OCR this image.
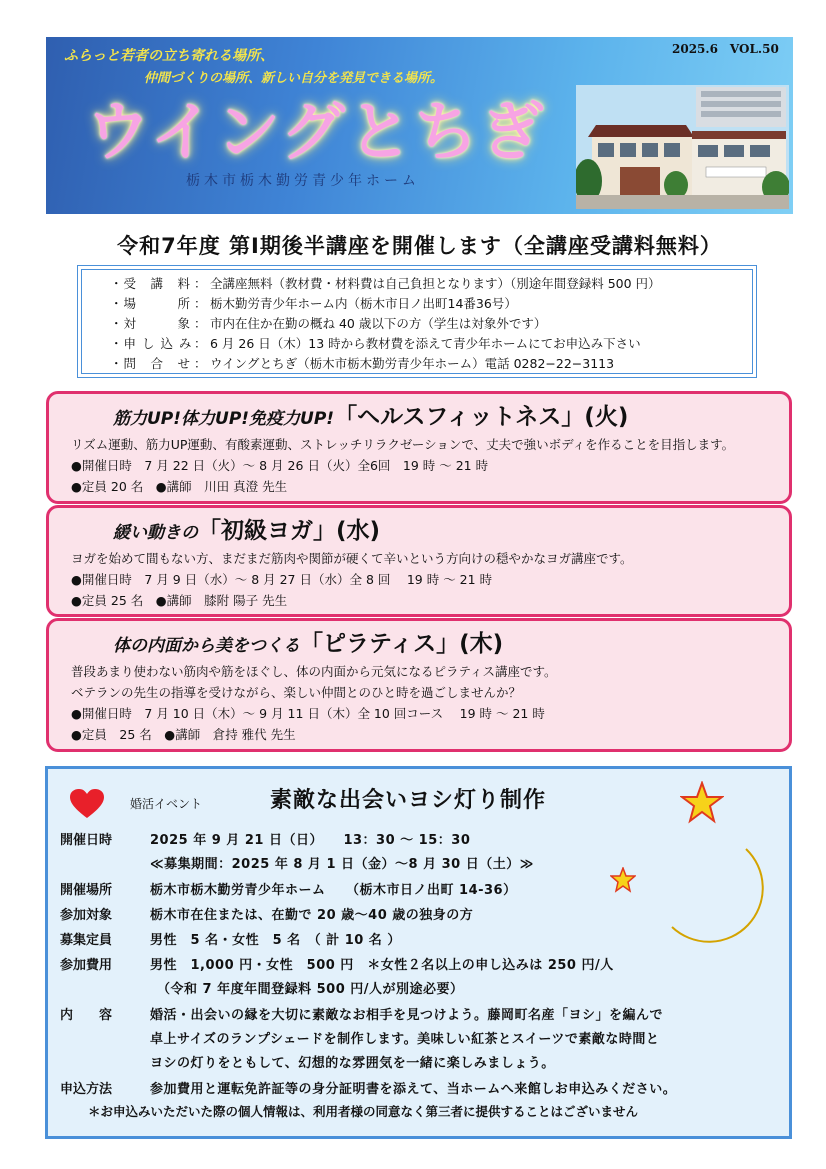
ふらっと若者の立ち寄れる場所、
仲間づくりの場所、新しい自分を発見できる場所。
ウイングとちぎ
栃木市栃木勤労青少年ホーム
2025.6　VOL.50
令和7年度 第Ⅰ期後半講座を開催します（全講座受講料無料）
・受　講　料 ： 全講座無料（教材費・材料費は自己負担となります）（別途年間登録料 500 円）
・場　　　所 ： 栃木勤労青少年ホーム内（栃木市日ノ出町14番36号）
・対　　　象 ： 市内在住か在勤の概ね 40 歳以下の方（学生は対象外です）
・申 し 込 み ： 6 月 26 日（木）13 時から教材費を添えて青少年ホームにてお申込み下さい
・問　合　せ ： ウイングとちぎ（栃木市栃木勤労青少年ホーム）電話 0282−22−3113
筋力UP!体力UP!免疫力UP!「ヘルスフィットネス」(火)
リズム運動、筋力UP運動、有酸素運動、ストレッチリラクゼーションで、丈夫で強いボディを作ることを目指します。
●開催日時　7 月 22 日（火）～ 8 月 26 日（火）全6回　19 時 ～ 21 時
●定員 20 名　●講師　川田 真澄 先生
緩い動きの「初級ヨガ」(水)
ヨガを始めて間もない方、まだまだ筋肉や関節が硬くて辛いという方向けの穏やかなヨガ講座です。
●開催日時　7 月 9 日（水）～ 8 月 27 日（水）全 8 回　 19 時 ～ 21 時
●定員 25 名　●講師　膝附 陽子 先生
体の内面から美をつくる「ピラティス」(木)
普段あまり使わない筋肉や筋をほぐし、体の内面から元気になるピラティス講座です。
ベテランの先生の指導を受けながら、楽しい仲間とのひと時を過ごしませんか？
●開催日時　7 月 10 日（木）～ 9 月 11 日（木）全 10 回コース　 19 時 ～ 21 時
●定員　25 名　●講師　倉持 雅代 先生
婚活イベント	素敵な出会いヨシ灯り制作
開催日時	2025 年 9 月 21 日（日）　　13：30 ～ 15：30
≪募集期間：2025 年 8 月 1 日（金）～8 月 30 日（土）≫
開催場所	栃木市栃木勤労青少年ホーム　　（栃木市日ノ出町 14-36）
参加対象	栃木市在住または、在勤で 20 歳～40 歳の独身の方
募集定員	男性　5 名・女性　5 名　（ 計 10 名 ）
参加費用	男性　1,000 円・女性　500 円　＊女性２名以上の申し込みは 250 円/人
　（令和 7 年度年間登録料 500 円/人が別途必要）
内　　容	婚活・出会いの縁を大切に素敵なお相手を見つけよう。藤岡町名産「ヨシ」を編んで
卓上サイズのランプシェードを制作します。美味しい紅茶とスイーツで素敵な時間と
ヨシの灯りをともして、幻想的な雰囲気を一緒に楽しみましょう。
申込方法	参加費用と運転免許証等の身分証明書を添えて、当ホームへ来館しお申込みください。
＊お申込みいただいた際の個人情報は、利用者様の同意なく第三者に提供することはございません
